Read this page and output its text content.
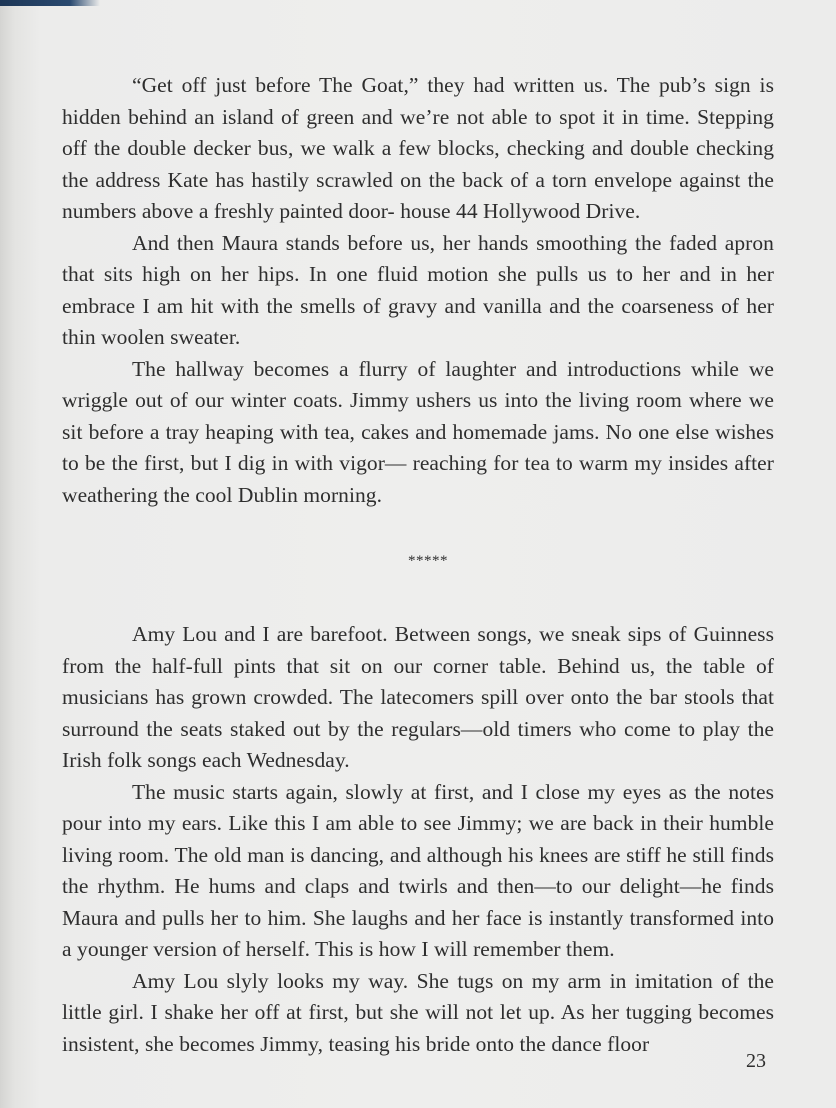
“Get off just before The Goat,” they had written us. The pub’s sign is hidden behind an island of green and we’re not able to spot it in time. Stepping off the double decker bus, we walk a few blocks, checking and double checking the address Kate has hastily scrawled on the back of a torn envelope against the numbers above a freshly painted door- house 44 Hollywood Drive.

And then Maura stands before us, her hands smoothing the faded apron that sits high on her hips. In one fluid motion she pulls us to her and in her embrace I am hit with the smells of gravy and vanilla and the coarseness of her thin woolen sweater.

The hallway becomes a flurry of laughter and introductions while we wriggle out of our winter coats. Jimmy ushers us into the living room where we sit before a tray heaping with tea, cakes and homemade jams. No one else wishes to be the first, but I dig in with vigor— reaching for tea to warm my insides after weathering the cool Dublin morning.

*****

Amy Lou and I are barefoot. Between songs, we sneak sips of Guinness from the half-full pints that sit on our corner table. Behind us, the table of musicians has grown crowded. The latecomers spill over onto the bar stools that surround the seats staked out by the regulars—old timers who come to play the Irish folk songs each Wednesday.

The music starts again, slowly at first, and I close my eyes as the notes pour into my ears. Like this I am able to see Jimmy; we are back in their humble living room. The old man is dancing, and although his knees are stiff he still finds the rhythm. He hums and claps and twirls and then—to our delight—he finds Maura and pulls her to him. She laughs and her face is instantly transformed into a younger version of herself. This is how I will remember them.

Amy Lou slyly looks my way. She tugs on my arm in imitation of the little girl. I shake her off at first, but she will not let up. As her tugging becomes insistent, she becomes Jimmy, teasing his bride onto the dance floor

23
